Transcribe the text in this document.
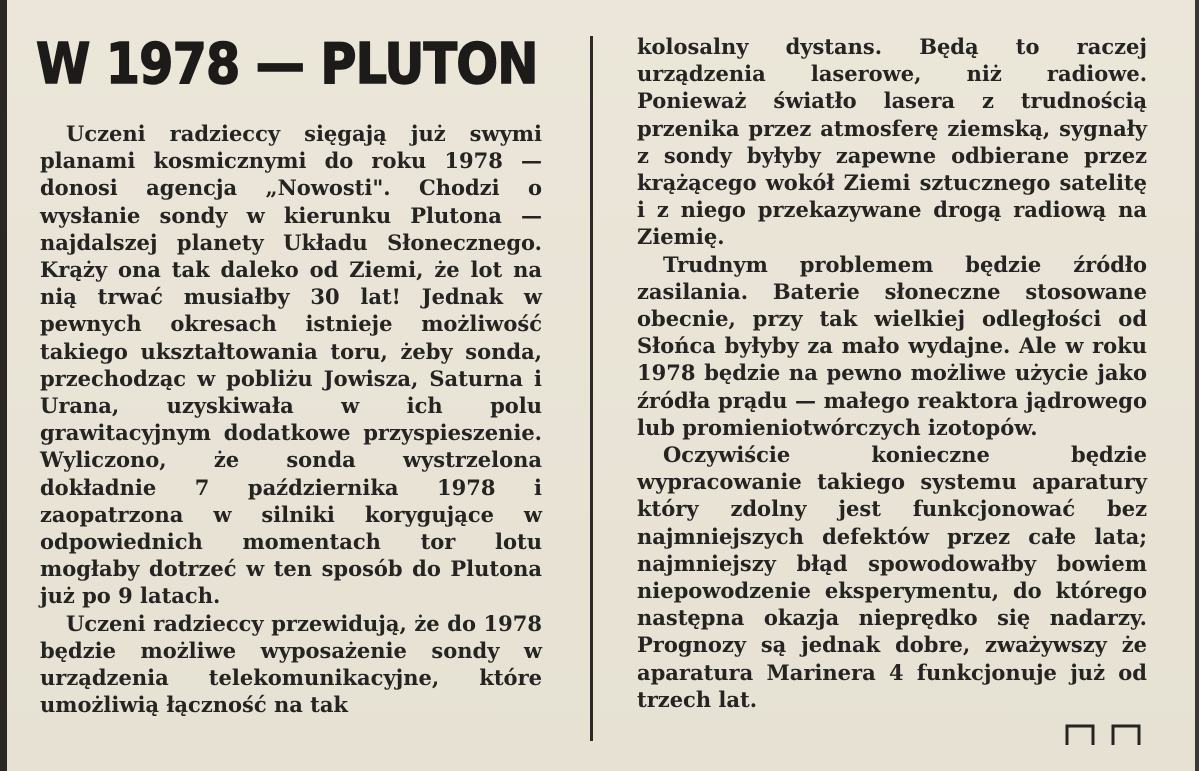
W 1978 — PLUTON

Uczeni radzieccy sięgają już swymi planami kosmicznymi do roku 1978 — donosi agencja „Nowosti". Chodzi o wysłanie sondy w kierunku Plutona — najdalszej planety Układu Słonecznego. Krąży ona tak daleko od Ziemi, że lot na nią trwać musiałby 30 lat! Jednak w pewnych okresach istnieje możliwość takiego ukształtowania toru, żeby sonda, przechodząc w pobliżu Jowisza, Saturna i Urana, uzyskiwała w ich polu grawitacyjnym dodatkowe przyspieszenie. Wyliczono, że sonda wystrzelona dokładnie 7 października 1978 i zaopatrzona w silniki korygujące w odpowiednich momentach tor lotu mogłaby dotrzeć w ten sposób do Plutona już po 9 latach.

Uczeni radzieccy przewidują, że do 1978 będzie możliwe wyposażenie sondy w urządzenia telekomunikacyjne, które umożliwią łączność na tak

kolosalny dystans. Będą to raczej urządzenia laserowe, niż radiowe. Ponieważ światło lasera z trudnością przenika przez atmosferę ziemską, sygnały z sondy byłyby zapewne odbierane przez krążącego wokół Ziemi sztucznego satelitę i z niego przekazywane drogą radiową na Ziemię.

Trudnym problemem będzie źródło zasilania. Baterie słoneczne stosowane obecnie, przy tak wielkiej odległości od Słońca byłyby za mało wydajne. Ale w roku 1978 będzie na pewno możliwe użycie jako źródła prądu — małego reaktora jądrowego lub promieniotwórczych izotopów.

Oczywiście konieczne będzie wypracowanie takiego systemu aparatury który zdolny jest funkcjonować bez najmniejszych defektów przez całe lata; najmniejszy błąd spowodowałby bowiem niepowodzenie eksperymentu, do którego następna okazja nieprędko się nadarzy. Prognozy są jednak dobre, zważywszy że aparatura Marinera 4 funkcjonuje już od trzech lat.
